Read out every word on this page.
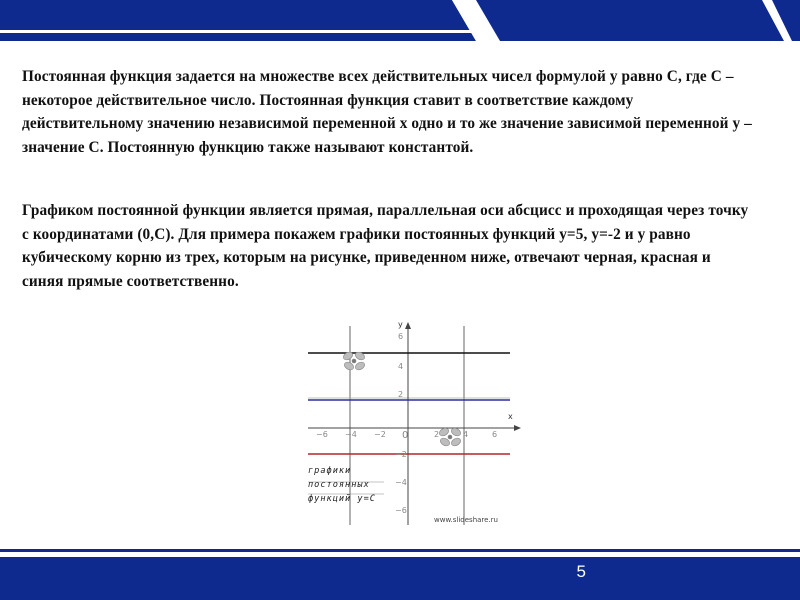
Постоянная функция задается на множестве всех действительных чисел формулой y равно C, где C – некоторое действительное число. Постоянная функция ставит в соответствие каждому действительному значению независимой переменной x одно и то же значение зависимой переменной y – значение C. Постоянную функцию также называют константой.

Графиком постоянной функции является прямая, параллельная оси абсцисс и проходящая через точку с координатами (0,C). Для примера покажем графики постоянных функций y=5, y=-2 и y равно кубическому корню из трех, которым на рисунке, приведенном ниже, отвечают черная, красная и синяя прямые соответственно.

y
x
−6 −4 −2 0	2	4	6
6
4
2
−2
−4
−6
графики
постоянных
функций y=C
www.slideshare.ru
5
